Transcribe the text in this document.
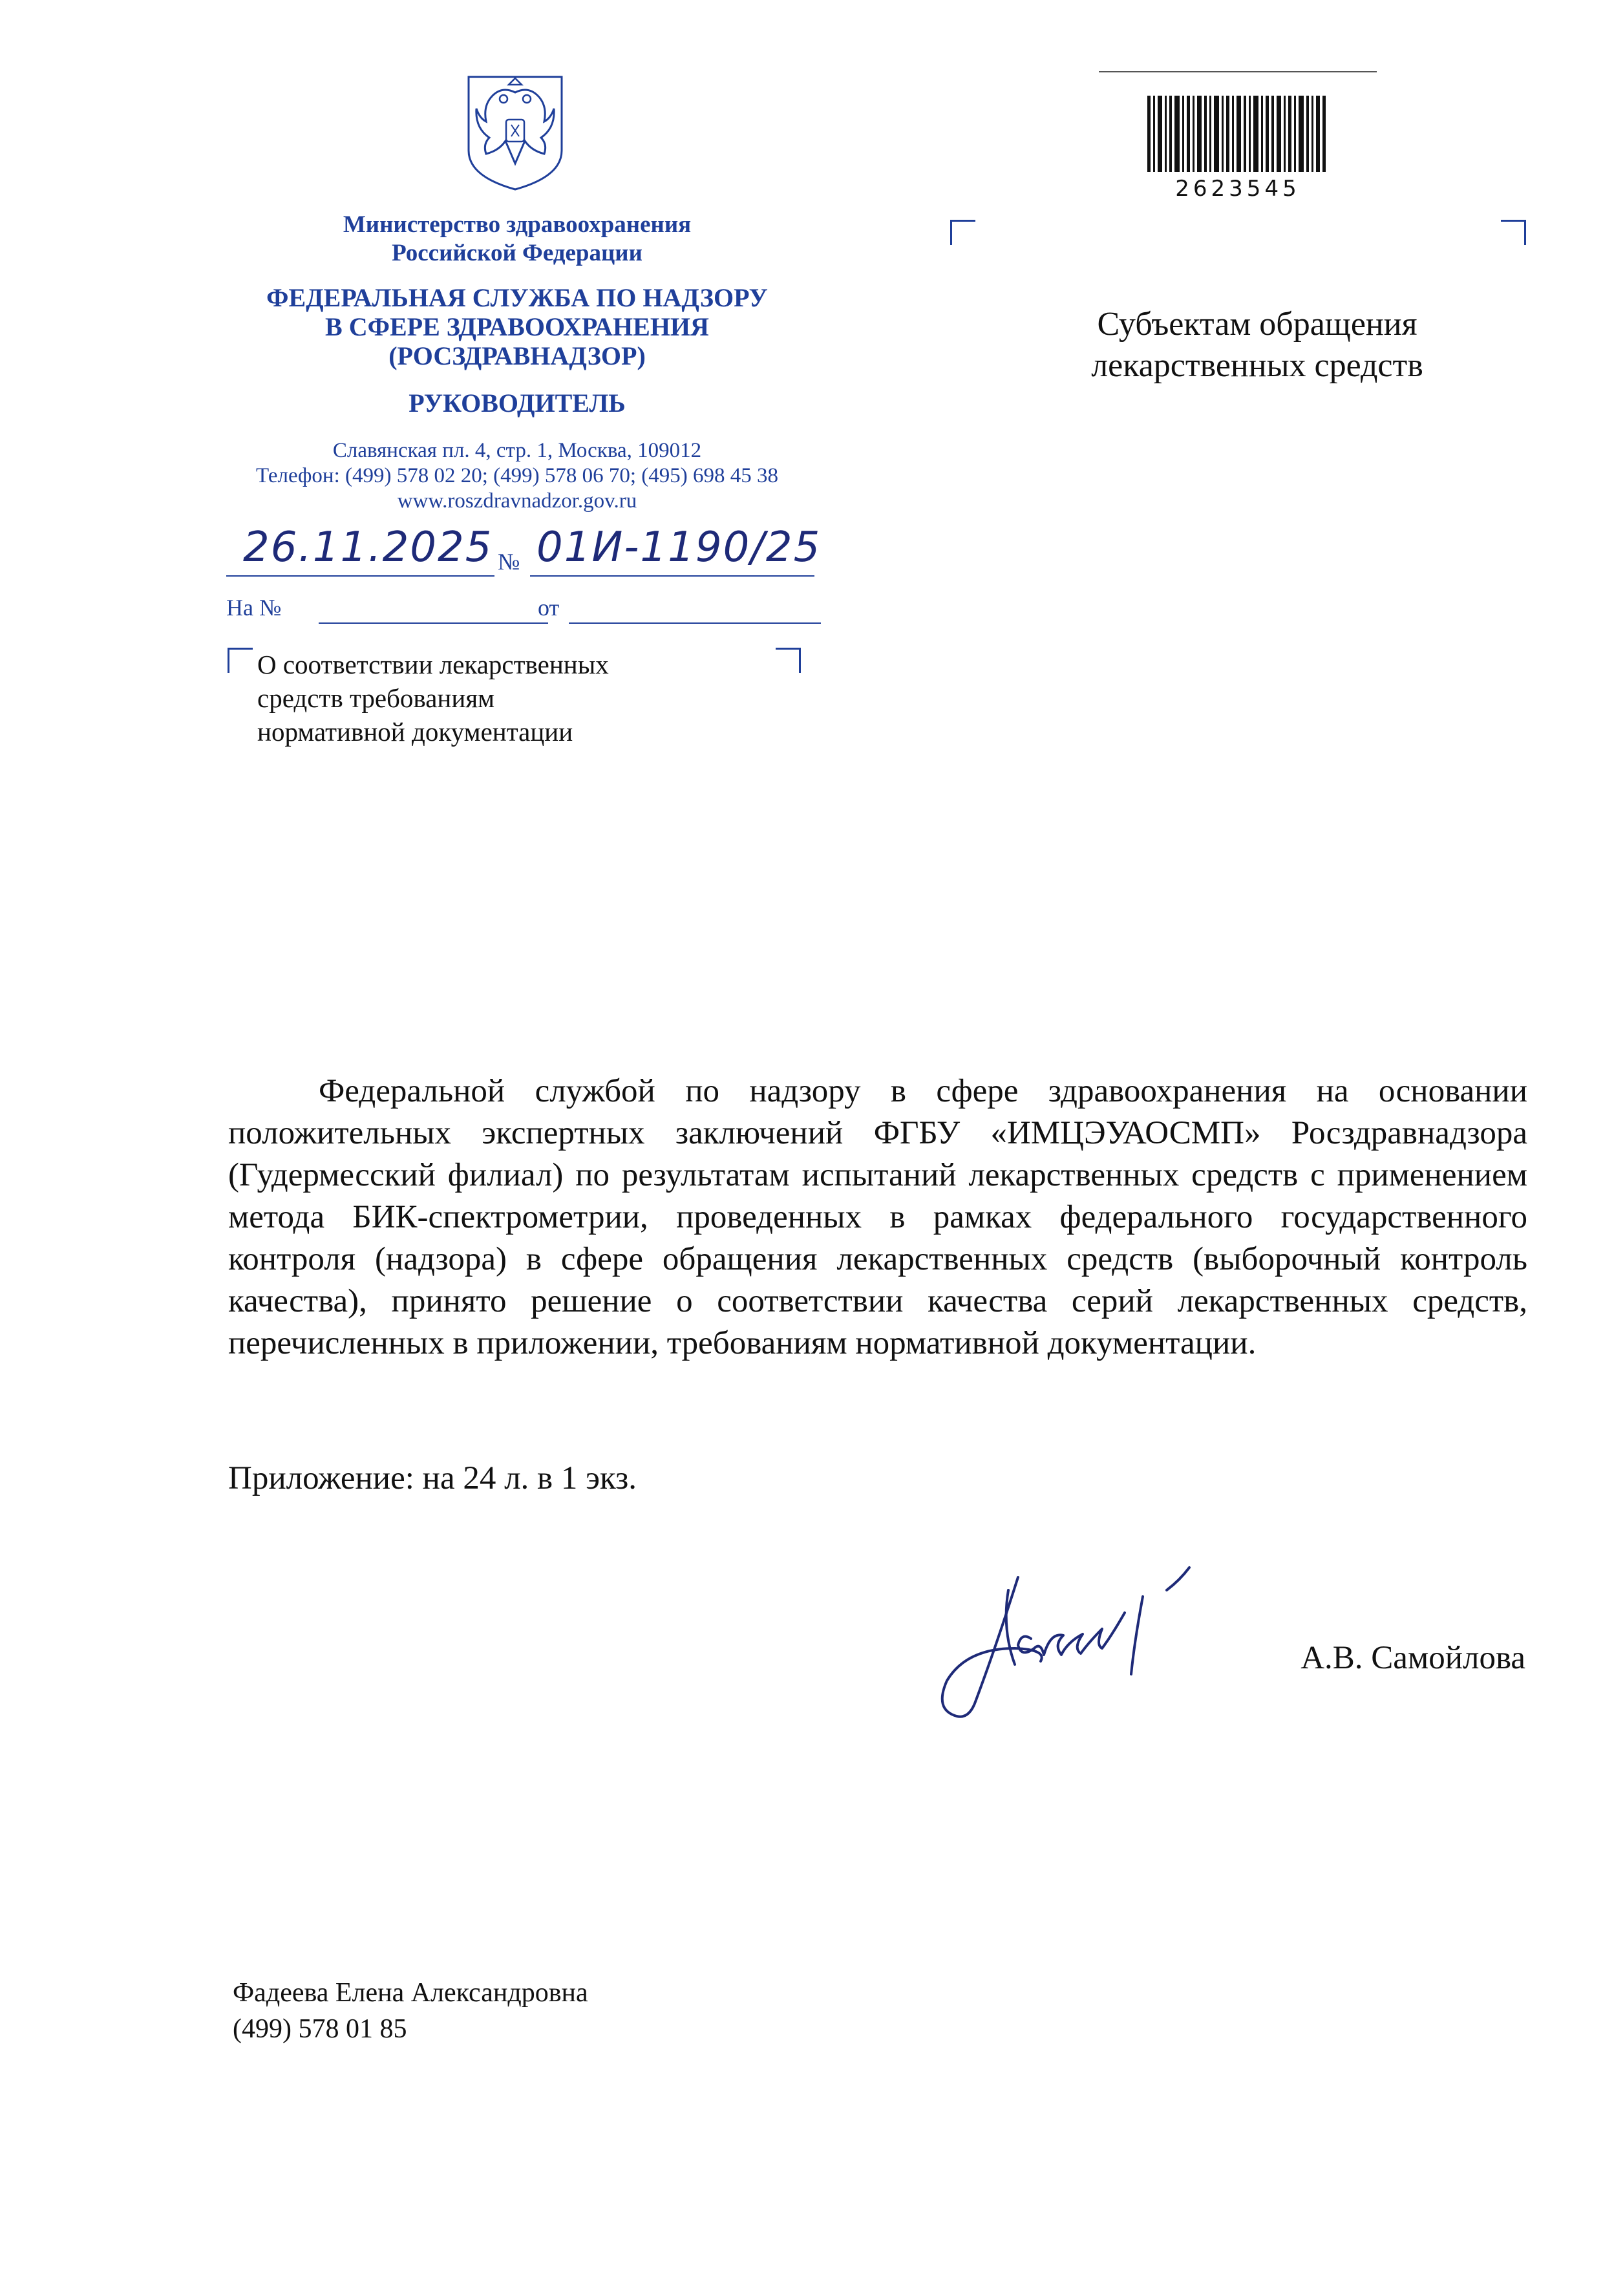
Министерство здравоохранения
Российской Федерации
ФЕДЕРАЛЬНАЯ СЛУЖБА ПО НАДЗОРУ
В СФЕРЕ ЗДРАВООХРАНЕНИЯ
(РОСЗДРАВНАДЗОР)
РУКОВОДИТЕЛЬ
Славянская пл. 4, стр. 1, Москва, 109012
Телефон: (499) 578 02 20; (499) 578 06 70; (495) 698 45 38
www.roszdravnadzor.gov.ru
26.11.2025 № 01И-1190/25
На №	от
О соответствии лекарственных
средств требованиям
нормативной документации
2623545
Субъектам обращения
лекарственных средств

Федеральной службой по надзору в сфере здравоохранения на основании положительных экспертных заключений ФГБУ «ИМЦЭУАОСМП» Росздравнадзора (Гудермесский филиал) по результатам испытаний лекарственных средств с применением метода БИК-спектрометрии, проведенных в рамках федерального государственного контроля (надзора) в сфере обращения лекарственных средств (выборочный контроль качества), принято решение о соответствии качества серий лекарственных средств, перечисленных в приложении, требованиям нормативной документации.

Приложение: на 24 л. в 1 экз.
А.В. Самойлова
Фадеева Елена Александровна
(499) 578 01 85
